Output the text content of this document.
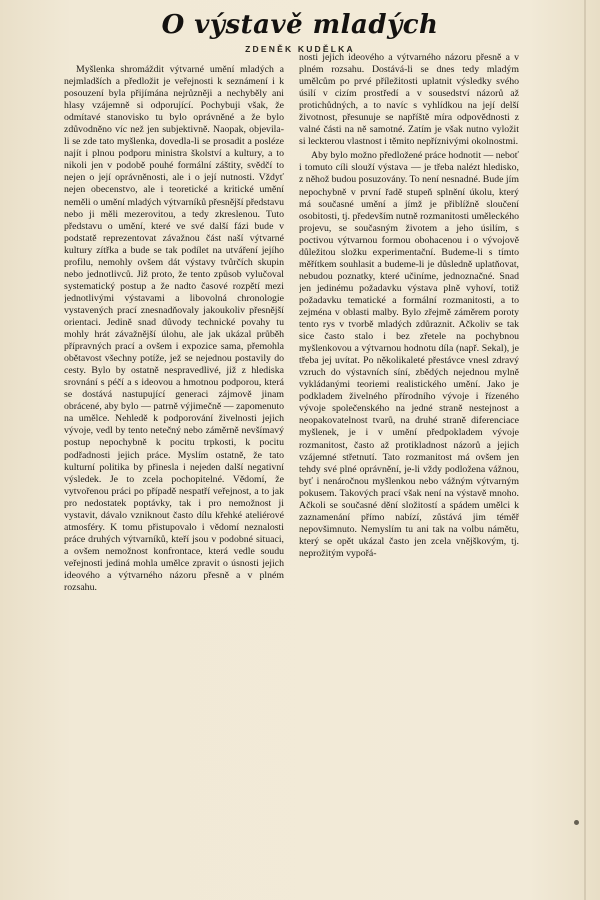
O výstavě mladých
ZDENĚK KUDĚLKA

Myšlenka shromáždit výtvarné umění mladých a nejmladších a předložit je veřejnosti k seznámení i k posouzení byla přijímána nejrůzněji a nechyběly ani hlasy vzájemně si odporující. Pochybuji však, že odmítavé stanovisko tu bylo oprávněné a že bylo zdůvodněno víc než jen subjektivně. Naopak, objevila-li se zde tato myšlenka, dovedla-li se prosadit a posléze najít i plnou podporu ministra školství a kultury, a to nikoli jen v podobě pouhé formální záštity, svědčí to nejen o její oprávněnosti, ale i o její nutnosti. Vždyť nejen obecenstvo, ale i teoretické a kritické umění neměli o umění mladých výtvarníků přesnější představu nebo ji měli mezerovitou, a tedy zkreslenou. Tuto představu o umění, které ve své další fázi bude v podstatě reprezentovat závažnou část naší výtvarné kultury zítřka a bude se tak podílet na utváření jejího profilu, nemohly ovšem dát výstavy tvůrčích skupin nebo jednotlivců. Již proto, že tento způsob vylučoval systematický postup a že nadto časové rozpětí mezi jednotlivými výstavami a libovolná chronologie vystavených prací znesnadňovaly jakoukoliv přesnější orientaci. Jedině snad důvody technické povahy tu mohly hrát závažnější úlohu, ale jak ukázal průběh přípravných prací a ovšem i expozice sama, přemohla obětavost všechny potíže, jež se nejednou postavily do cesty. Bylo by ostatně nespravedlivé, již z hlediska srovnání s péčí a s ideovou a hmotnou podporou, která se dostává nastupující generaci zájmově jinam obrácené, aby bylo — patrně výjimečně — zapomenuto na umělce. Nehledě k podporování živelnosti jejich vývoje, vedl by tento netečný nebo záměrně nevšímavý postup nepochybně k pocitu trpkosti, k pocitu podřadnosti jejich práce. Myslím ostatně, že tato kulturní politika by přinesla i nejeden další negativní výsledek. Je to zcela pochopitelné. Vědomí, že vytvořenou práci po případě nespatří veřejnost, a to jak pro nedostatek poptávky, tak i pro nemožnost ji vystavit, dávalo vzniknout často dílu křehké ateliérové atmosféry. K tomu přistupovalo i vědomí neznalosti práce druhých výtvarníků, kteří jsou v podobné situaci, a ovšem nemožnost konfrontace, která vedle soudu veřejnosti jediná mohla umělce zpravit o úsnosti jejich ideového a výtvarného názoru přesně a v plném rozsahu.

nosti jejich ideového a výtvarného názoru přesně a v plném rozsahu. Dostává-li se dnes tedy mladým umělcům po prvé příležitosti uplatnit výsledky svého úsilí v cizím prostředí a v sousedství názorů až protichůdných, a to navíc s vyhlídkou na její delší životnost, přesunuje se napříště míra odpovědnosti z valné části na ně samotné. Zatím je však nutno vyložit si leckterou vlastnost i těmito nepříznivými okolnostmi.

Aby bylo možno předložené práce hodnotit — neboť i tomuto cíli slouží výstava — je třeba nalézt hledisko, z něhož budou posuzovány. To není nesnadné. Bude jím nepochybně v první řadě stupeň splnění úkolu, který má současné umění a jímž je přiblížně sloučení osobitosti, tj. především nutně rozmanitosti uměleckého projevu, se současným životem a jeho úsilím, s poctivou výtvarnou formou obohacenou i o vývojově důležitou složku experimentační. Budeme-li s tímto měřítkem souhlasit a budeme-li je důsledně uplatňovat, nebudou poznatky, které učiníme, jednoznačné. Snad jen jedinému požadavku výstava plně vyhoví, totiž požadavku tematické a formální rozmanitosti, a to zejména v oblasti malby. Bylo zřejmě záměrem poroty tento rys v tvorbě mladých zdůraznit. Ačkoliv se tak sice často stalo i bez zřetele na pochybnou myšlenkovou a výtvarnou hodnotu díla (např. Sekal), je třeba jej uvítat. Po několikaleté přestávce vnesl zdravý vzruch do výstavních síní, zbědých nejednou mylně vykládanými teoriemi realistického umění. Jako je podkladem živelného přírodního vývoje i řízeného vývoje společenského na jedné straně nestejnost a neopakovatelnost tvarů, na druhé straně diferenciace myšlenek, je i v umění předpokladem vývoje rozmanitost, často až protikladnost názorů a jejich vzájemné střetnutí. Tato rozmanitost má ovšem jen tehdy své plné oprávnění, je-li vždy podložena vážnou, byť i nenáročnou myšlenkou nebo vážným výtvarným pokusem. Takových prací však není na výstavě mnoho. Ačkoli se současné dění složitostí a spádem umělci k zaznamenání přímo nabízí, zůstává jim téměř nepovšimnuto. Nemyslím tu ani tak na volbu námětu, který se opět ukázal často jen zcela vnějškovým, tj. neprožitým vypořá-
